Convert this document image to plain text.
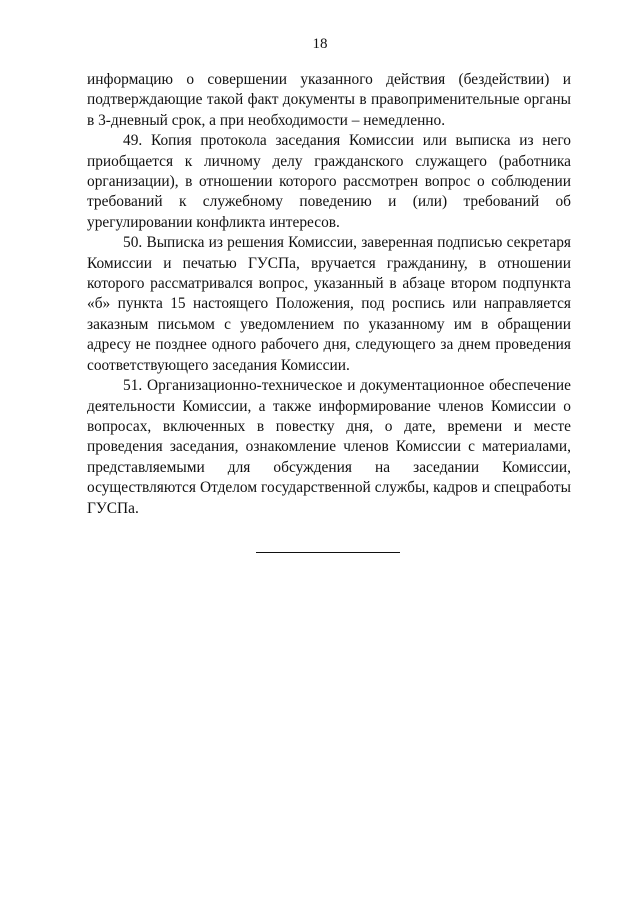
18

информацию о совершении указанного действия (бездействии) и подтверждающие такой факт документы в правоприменительные органы в 3-дневный срок, а при необходимости – немедленно.

49. Копия протокола заседания Комиссии или выписка из него приобщается к личному делу гражданского служащего (работника организации), в отношении которого рассмотрен вопрос о соблюдении требований к служебному поведению и (или) требований об урегулировании конфликта интересов.

50. Выписка из решения Комиссии, заверенная подписью секретаря Комиссии и печатью ГУСПа, вручается гражданину, в отношении которого рассматривался вопрос, указанный в абзаце втором подпункта «б» пункта 15 настоящего Положения, под роспись или направляется заказным письмом с уведомлением по указанному им в обращении адресу не позднее одного рабочего дня, следующего за днем проведения соответствующего заседания Комиссии.

51. Организационно-техническое и документационное обеспечение деятельности Комиссии, а также информирование членов Комиссии о вопросах, включенных в повестку дня, о дате, времени и месте проведения заседания, ознакомление членов Комиссии с материалами, представляемыми для обсуждения на заседании Комиссии, осуществляются Отделом государственной службы, кадров и спецработы ГУСПа.
